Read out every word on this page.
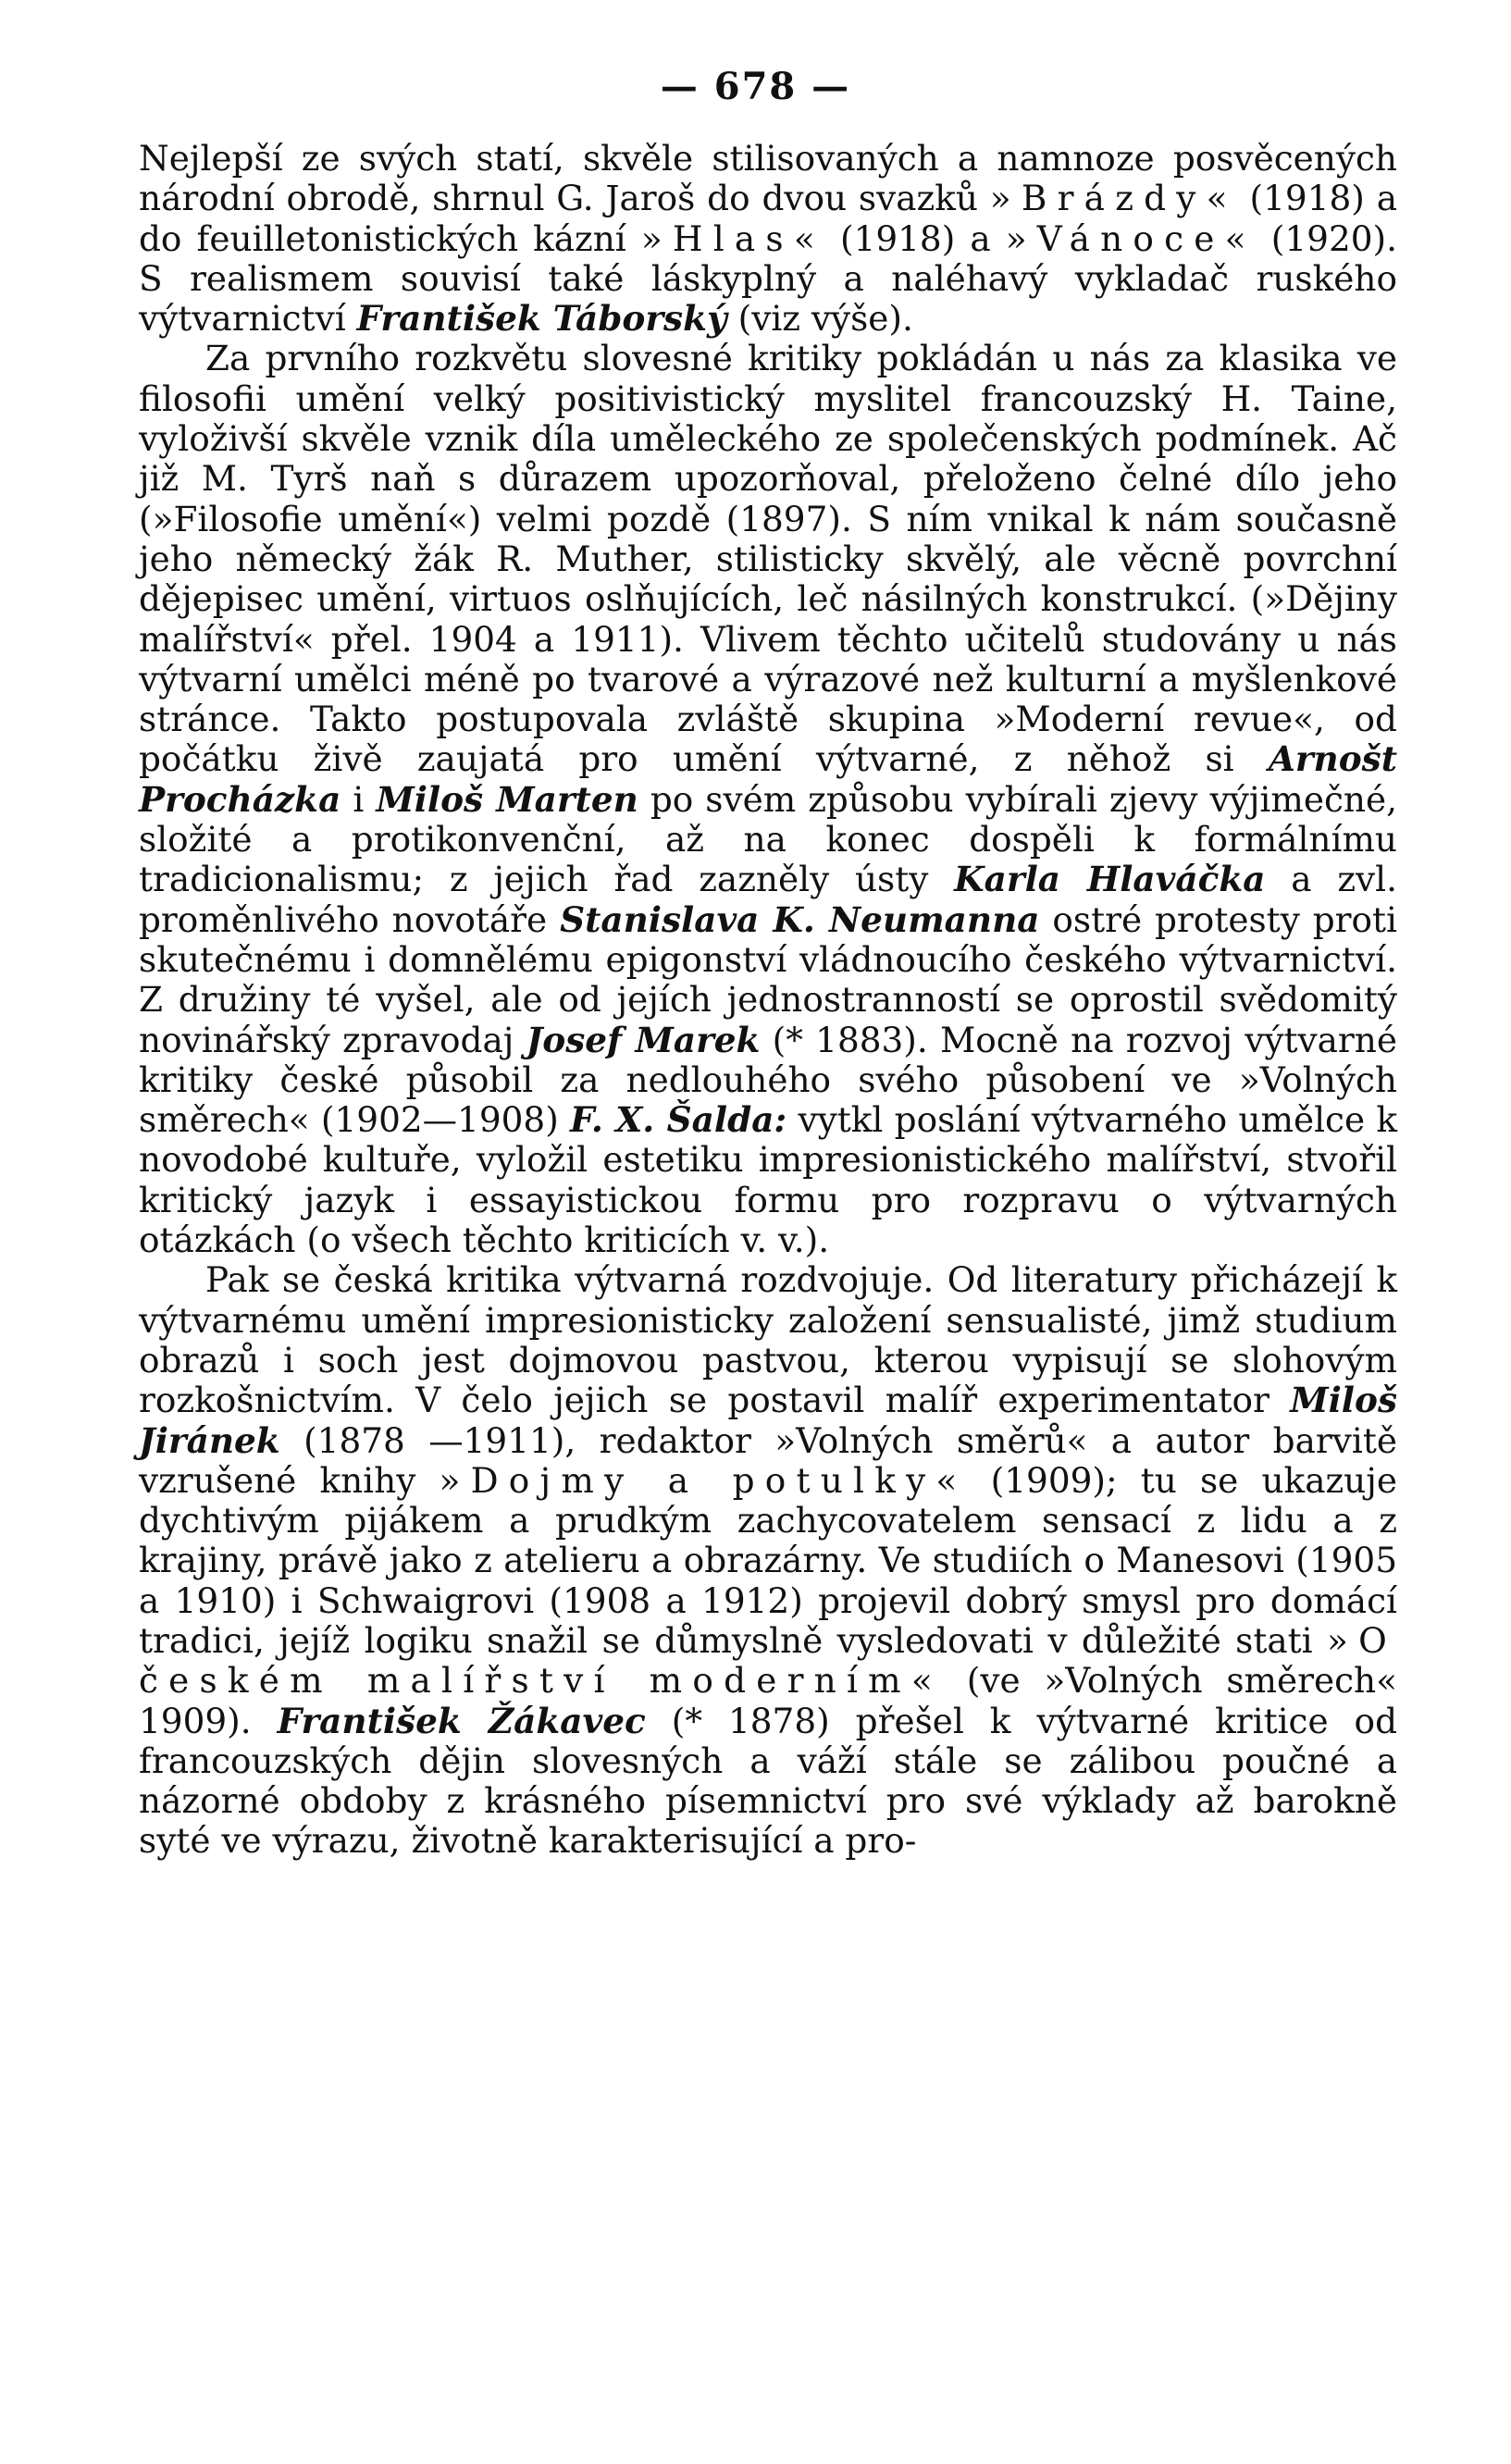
— 678 —

Nejlepší ze svých statí, skvěle stilisovaných a namnoze posvěcených národní obrodě, shrnul G. Jaroš do dvou svazků »Brázdy« (1918) a do feuilletonistických kázní »Hlas« (1918) a »Vánoce« (1920). S realismem souvisí také láskyplný a naléhavý vykladač ruského výtvarnictví František Táborský (viz výše).

Za prvního rozkvětu slovesné kritiky pokládán u nás za klasika ve filosofii umění velký positivistický myslitel francouzský H. Taine, vyloživší skvěle vznik díla uměleckého ze společenských podmínek. Ač již M. Tyrš naň s důrazem upozorňoval, přeloženo čelné dílo jeho (»Filosofie umění«) velmi pozdě (1897). S ním vnikal k nám současně jeho německý žák R. Muther, stilisticky skvělý, ale věcně povrchní dějepisec umění, virtuos oslňujících, leč násilných konstrukcí. (»Dějiny malířství« přel. 1904 a 1911). Vlivem těchto učitelů studovány u nás výtvarní umělci méně po tvarové a výrazové než kulturní a myšlenkové stránce. Takto postupovala zvláště skupina »Moderní revue«, od počátku živě zaujatá pro umění výtvarné, z něhož si Arnošt Procházka i Miloš Marten po svém způsobu vybírali zjevy výjimečné, složité a protikonvenční, až na konec dospěli k formálnímu tradicionalismu; z jejich řad zazněly ústy Karla Hlaváčka a zvl. proměnlivého novotáře Stanislava K. Neumanna ostré protesty proti skutečnému i domnělému epigonství vládnoucího českého výtvarnictví. Z družiny té vyšel, ale od jejích jednostranností se oprostil svědomitý novinářský zpravodaj Josef Marek (* 1883). Mocně na rozvoj výtvarné kritiky české působil za nedlouhého svého působení ve »Volných směrech« (1902—1908) F. X. Šalda: vytkl poslání výtvarného umělce k novodobé kultuře, vyložil estetiku impresionistického malířství, stvořil kritický jazyk i essayistickou formu pro rozpravu o výtvarných otázkách (o všech těchto kriticích v. v.).

Pak se česká kritika výtvarná rozdvojuje. Od literatury přicházejí k výtvarnému umění impresionisticky založení sensualisté, jimž studium obrazů i soch jest dojmovou pastvou, kterou vypisují se slohovým rozkošnictvím. V čelo jejich se postavil malíř experimentator Miloš Jiránek (1878 —1911), redaktor »Volných směrů« a autor barvitě vzrušené knihy »Dojmy a potulky« (1909); tu se ukazuje dychtivým pijákem a prudkým zachycovatelem sensací z lidu a z krajiny, právě jako z atelieru a obrazárny. Ve studiích o Manesovi (1905 a 1910) i Schwaigrovi (1908 a 1912) projevil dobrý smysl pro domácí tradici, jejíž logiku snažil se důmyslně vysledovati v důležité stati »O českém malířství moderním« (ve »Volných směrech« 1909). František Žákavec (* 1878) přešel k výtvarné kritice od francouzských dějin slovesných a váží stále se zálibou poučné a názorné obdoby z krásného písemnictví pro své výklady až barokně syté ve výrazu, životně karakterisující a pro-
